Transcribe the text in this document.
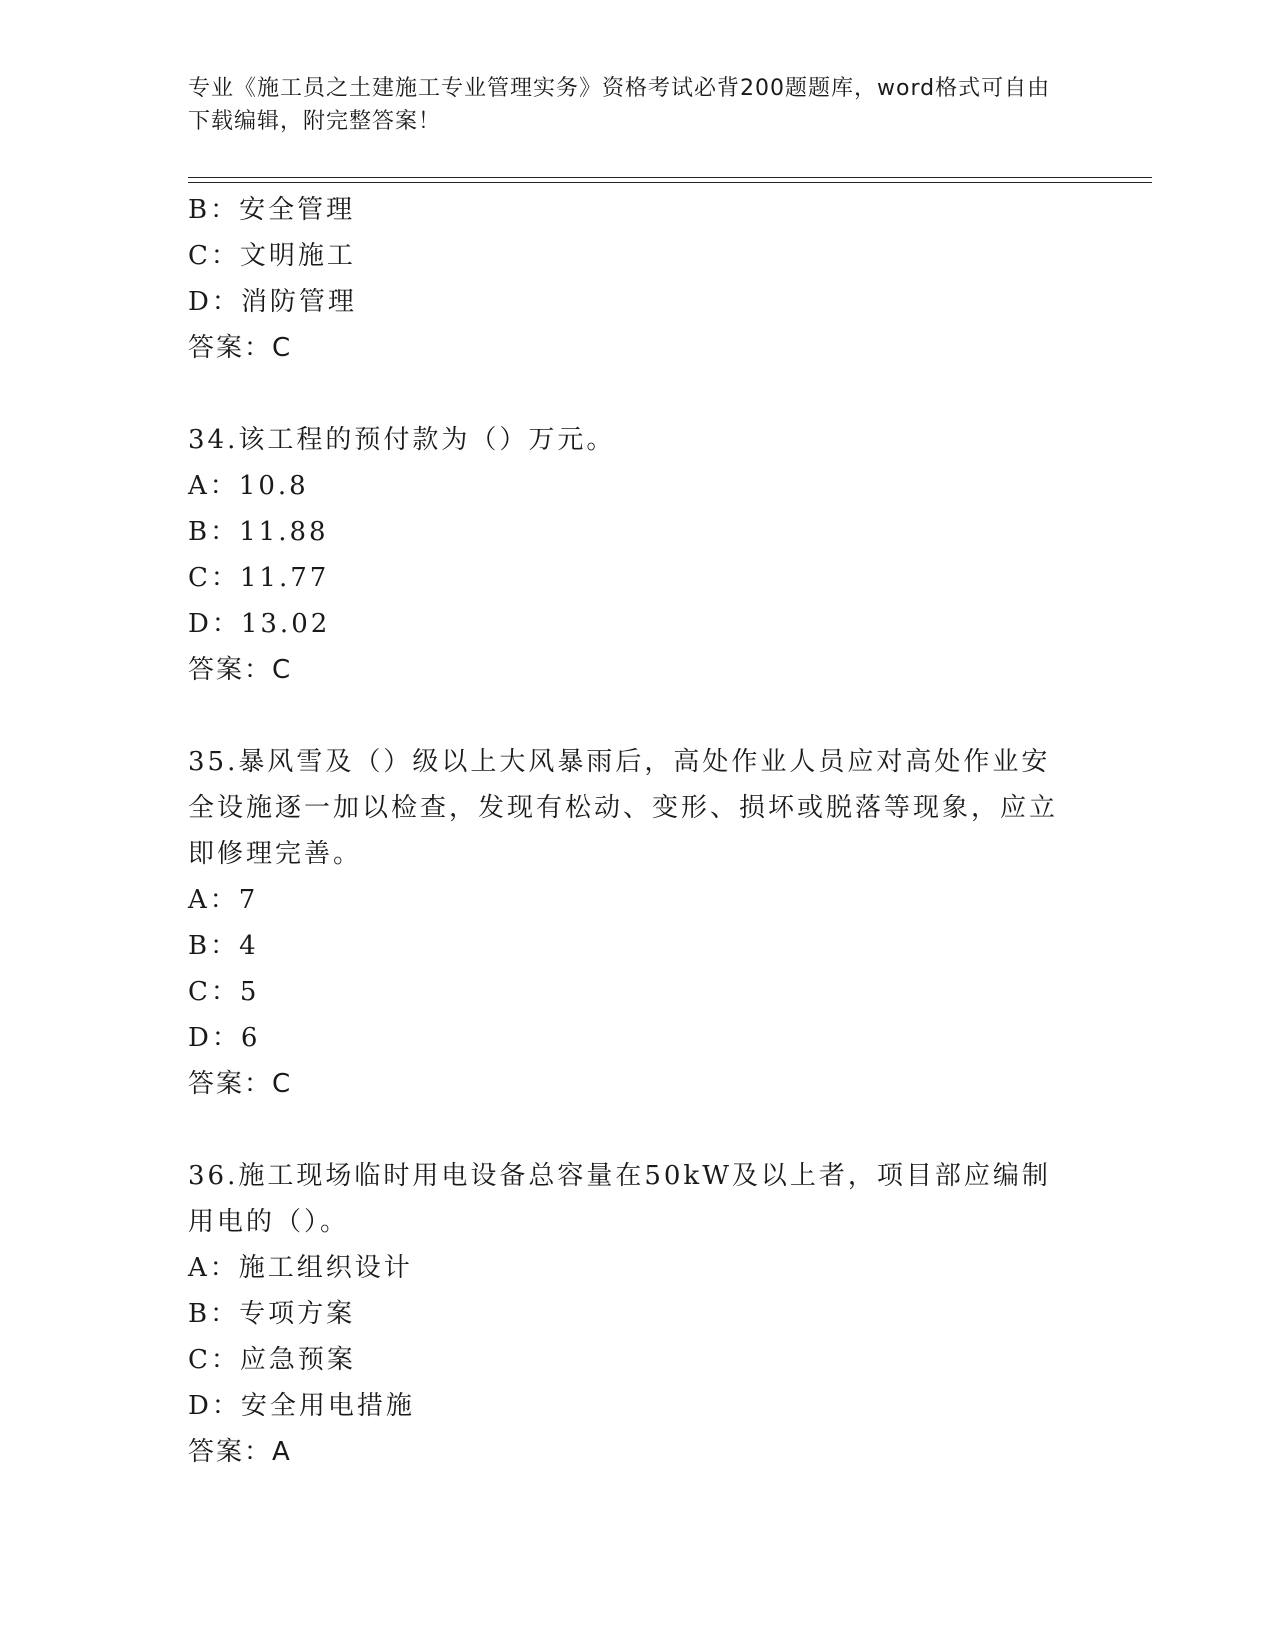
专业《施工员之土建施工专业管理实务》资格考试必背200题题库，word格式可自由下载编辑，附完整答案！
B：安全管理
C：文明施工
D：消防管理
答案：C
34.该工程的预付款为（）万元。
A：10.8
B：11.88
C：11.77
D：13.02
答案：C
35.暴风雪及（）级以上大风暴雨后，高处作业人员应对高处作业安全设施逐一加以检查，发现有松动、变形、损坏或脱落等现象，应立即修理完善。
A：7
B：4
C：5
D：6
答案：C
36.施工现场临时用电设备总容量在50kW及以上者，项目部应编制用电的（）。
A：施工组织设计
B：专项方案
C：应急预案
D：安全用电措施
答案：A
